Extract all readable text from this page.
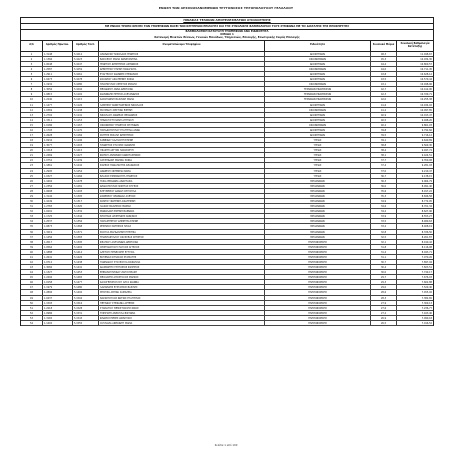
ΕΝΩΣΗ ΤΩΝ ΑΡΧΙΣΩΣΙΑΝΟΜΕΝΩΝ ΤΡΥΓΟΝΟΣΟΣ ΤΗΓΟΠΟΛΟΥΛΟΥ ΓΕΛΑΛΛΟΥ
ΠΙΝΑΚΑΣ ΤΕΛΙΚΩΝ ΑΠΟΤΕΛΕΣΜΑΤΩΝ ΑΞΙΟΛΟΓΗΣΗΣ
ΜΕ ΕΝΙΑΙΟ ΤΡΟΠΟ ΚΡΙΣΗΣ ΤΩΝ ΥΠΟΨΗΦΙΩΝ ΒΑΣΕΙ ΤΩΝ ΚΡΙΤΗΡΙΩΝ ΕΠΙΛΟΓΗΣ ΚΑΙ ΤΗΣ ΣΥΝΟΛΙΚΗΣ ΒΑΘΜΟΛΟΓΙΑΣ ΤΟΥΣ ΣΥΜΦΩΝΑ ΜΕ ΤΙΣ ΔΙΑΤΑΞΕΙΣ ΤΗΣ ΠΡΟΚΗΡΥΞΗΣ
ΒΑΘΜΟΛΟΓΙΚΗ ΚΑΤΑΤΑΞΗ ΥΠΟΨΗΦΙΩΝ ΑΝΑ ΕΙΔΙΚΟΤΗΤΑ
ΟΜΑΔΑ 1
Κατανομή Μεικτών Θέσεων, Γενικών Μονάδων, Υπηρεσιών, Επιλογής, Εσωτερικής Σειράς Επιλογής
Α/Α	Αριθμός Πρωτοκ.	Αριθμός Ταυτ.	Ονοματεπώνυμο Υποψηφίου	Ειδικότητα	Συνολικά Μόρια	Συνολική Βαθμολογία Κατάταξης
1	1.3148	5.1012	ΑΘΑΝΑΣΙΟΥ ΝΙΚΟΛΑΟΣ ΓΕΩΡΓΙΟΣ	ΔΙΟΙΚΗΤΙΚΩΝ	48,3	11.498,67
2	1.1366	5.1023	ΒΑΣΙΛΕΙΟΥ ΜΑΡΙΑ ΚΩΝΣΤΑΝΤΙΝΑ	ΟΙΚΟΝΟΜΙΚΩΝ	45,3	10.934,30
3	1.0048	5.1047	ΓΕΩΡΓΙΟΥ ΔΗΜΗΤΡΙΟΣ ΑΝΤΩΝΙΟΣ	ΔΙΟΙΚΗΤΙΚΩΝ	44,4	10.800,57
4	1.2587	5.1059	ΔΗΜΗΤΡΙΟΥ ΕΛΕΝΗ ΠΑΝΑΓΙΩΤΑ	ΟΙΚΟΝΟΜΙΚΩΝ	44,0	10.711,45
5	1.2911	5.1061	ΕΥΑΓΓΕΛΟΥ ΙΩΑΝΝΗΣ ΣΤΕΦΑΝΟΣ	ΔΙΟΙΚΗΤΙΚΩΝ	43,8	10.628,12
6	1.0473	5.1078	ΖΑΧΑΡΙΟΥ ΑΙΚΑΤΕΡΙΝΗ ΣΟΦΙΑ	ΔΙΟΙΚΗΤΙΚΩΝ	43,5	10.570,44
7	1.1932	5.1080	ΗΛΙΟΠΟΥΛΟΣ ΧΡΗΣΤΟΣ ΜΙΧΑΗΛ	ΟΙΚΟΝΟΜΙΚΩΝ	43,1	10.498,06
8	1.3056	5.1094	ΘΕΟΔΩΡΟΥ ΑΝΝΑ ΔΕΣΠΟΙΝΑ	ΤΕΧΝΙΚΩΝ ΕΦΑΡΜΟΓΩΝ	42,7	10.412,90
9	1.0815	5.1102	ΙΩΑΝΝΙΔΗΣ ΠΕΤΡΟΣ ΑΛΕΞΑΝΔΡΟΣ	ΤΕΧΝΙΚΩΝ ΕΦΑΡΜΟΓΩΝ	42,3	10.339,71
10	1.2240	5.1115	ΚΑΡΑΓΙΑΝΝΗ ΒΑΣΙΛΙΚΗ ΜΑΡΙΑ	ΤΕΧΝΙΚΩΝ ΕΦΑΡΜΟΓΩΝ	42,0	10.255,38
11	1.1477	5.1126	ΛΑΜΠΡΟΥ ΚΩΝΣΤΑΝΤΙΝΟΣ ΝΙΚΟΛΑΟΣ	ΔΙΟΙΚΗΤΙΚΩΝ	41,6	10.184,02
12	1.0369	5.1138	ΜΑΥΡΙΔΟΥ ΧΡΙΣΤΙΝΑ ΕΙΡΗΝΗ	ΟΙΚΟΝΟΜΙΚΩΝ	41,2	10.097,85
13	1.2702	5.1141	ΝΙΚΟΛΑΟΥ ΑΝΔΡΕΑΣ ΘΕΟΔΩΡΟΣ	ΔΙΟΙΚΗΤΙΚΩΝ	40,9	10.013,47
14	1.3311	5.1153	ΞΕΝΑΚΗ ΣΤΥΛΙΑΝΗ ΑΓΓΕΛΙΚΗ	ΔΙΟΙΚΗΤΙΚΩΝ	40,5	9.948,20
15	1.0186	5.1167	ΟΙΚΟΝΟΜΟΥ ΓΕΩΡΓΙΟΣ ΣΠΥΡΙΔΩΝ	ΟΙΚΟΝΟΜΙΚΩΝ	40,2	9.861,03
16	1.1793	5.1170	ΠΑΠΑΔΟΠΟΥΛΟΥ ΕΥΑΓΓΕΛΙΑ ΑΝΝΑ	ΔΙΟΙΚΗΤΙΚΩΝ	39,8	9.792,66
17	1.2628	5.1184	ΡΑΠΤΗΣ ΜΙΧΑΗΛ ΔΗΜΗΤΡΙΟΣ	ΔΙΟΙΚΗΤΙΚΩΝ	39,5	9.716,12
18	1.0934	5.1196	ΣΑΒΒΙΔΟΥ ΚΑΛΛΙΟΠΗ ΕΛΕΝΗ	ΥΓΕΙΑΣ	39,1	9.640,89
19	1.3077	5.1203	ΤΖΑΝΕΤΟΣ ΣΤΑΥΡΟΣ ΙΩΑΝΝΗΣ	ΥΓΕΙΑΣ	38,8	9.569,30
20	1.1518	5.1215	ΥΦΑΝΤΗ ΑΡΓΥΡΩ ΠΑΡΑΣΚΕΥΗ	ΥΓΕΙΑΣ	38,4	9.497,74
21	1.2469	5.1227	ΦΩΤΙΟΥ ΑΝΤΩΝΙΟΣ ΚΩΝΣΤΑΝΤΙΝΟΣ	ΥΓΕΙΑΣ	38,1	9.424,51
22	1.0752	5.1239	ΧΑΤΖΗΔΑΚΗ ΜΑΡΙΝΑ ΣΟΦΙΑ	ΥΓΕΙΑΣ	37,7	9.350,08
23	1.1861	5.1242	ΨΑΡΡΟΣ ΠΑΝΑΓΙΩΤΗΣ ΑΘΑΝΑΣΙΟΣ	ΥΓΕΙΑΣ	37,4	9.281,93
24	1.2995	5.1254	ΑΝΔΡΕΟΥ ΙΦΙΓΕΝΕΙΑ ΜΑΡΙΑ	ΥΓΕΙΑΣ	37,0	9.210,47
25	1.0327	5.1266	ΒΛΑΧΟΣ ΕΜΜΑΝΟΥΗΛ ΓΕΩΡΓΙΟΣ	ΥΓΕΙΑΣ	36,7	9.138,15
26	1.1604	5.1278	ΓΚΙΚΑ ΘΕΟΔΩΡΑ ΑΝΑΣΤΑΣΙΑ	ΜΗΧΑΝΙΚΩΝ	36,3	9.064,79
27	1.2356	5.1281	ΔΡΑΚΟΠΟΥΛΟΣ ΝΙΚΗΤΑΣ ΣΠΥΡΟΣ	ΜΗΧΑΝΙΚΩΝ	36,0	8.991,40
28	1.0608	5.1293	ΕΛΕΥΘΕΡΙΟΥ ΔΑΝΑΗ ΧΡΥΣΟΥΛΑ	ΜΗΧΑΝΙΚΩΝ	35,6	8.917,22
29	1.3142	5.1305	ΖΑΦΕΙΡΙΟΥ ΛΕΩΝΙΔΑΣ ΑΛΕΞΙΟΣ	ΜΗΧΑΝΙΚΩΝ	35,3	8.846,58
30	1.1049	5.1317	ΚΟΝΤΟΥ ΦΩΤΕΙΝΗ ΑΙΚΑΤΕΡΙΝΗ	ΜΗΧΑΝΙΚΩΝ	34,9	8.772,05
31	1.2783	5.1320	ΛΙΑΚΟΣ ΒΑΣΙΛΕΙΟΣ ΘΩΜΑΣ	ΜΗΧΑΝΙΚΩΝ	34,6	8.701,34
32	1.0291	5.1332	ΜΑΝΩΛΑΚΗ ΕΙΡΗΝΗ ΒΑΡΒΑΡΑ	ΜΗΧΑΝΙΚΩΝ	34,2	8.627,96
33	1.1725	5.1344	ΝΤΟΥΜΑΣ ΑΡΙΣΤΕΙΔΗΣ ΚΩΝ/ΝΟΣ	ΜΗΧΑΝΙΚΩΝ	33,9	8.553,27
34	1.2537	5.1356	ΠΑΠΑΣΤΕΡΓΙΟΥ ΔΗΜΗΤΡΑ ΕΛΕΝΗ	ΜΗΧΑΝΙΚΩΝ	33,5	8.480,63
35	1.0873	5.1368	ΡΕΝΤΖΟΣ ΣΩΤΗΡΙΟΣ ΗΛΙΑΣ	ΜΗΧΑΝΙΚΩΝ	33,2	8.408,19
36	1.3219	5.1371	ΣΚΟΥΛΑ ΜΑΓΔΑΛΗΝΗ ΕΥΘΥΜΙΑ	ΜΗΧΑΝΙΚΩΝ	32,8	8.336,50
37	1.1456	5.1383	ΤΡΙΑΝΤΑΦΥΛΛΟΥ ΟΔΥΣΣΕΑΣ ΧΡΗΣΤΟΣ	ΜΗΧΑΝΙΚΩΝ	32,5	8.261,87
38	1.2017	5.1395	ΦΡΑΓΚΟΥ ΑΛΕΞΑΝΔΡΑ ΔΕΣΠΟΙΝΑ	ΠΛΗΡΟΦΟΡΙΚΗΣ	32,1	8.190,42
39	1.0564	5.1402	ΧΡΙΣΤΟΔΟΥΛΟΥ ΠΑΥΛΟΣ ΑΓΓΕΛΟΣ	ΠΛΗΡΟΦΟΡΙΚΗΣ	31,8	8.116,08
40	1.1888	5.1414	ΑΛΕΞΙΟΥ ΠΗΝΕΛΟΠΗ ΕΥΤΥΧΙΑ	ΠΛΗΡΟΦΟΡΙΚΗΣ	31,4	8.043,71
41	1.2641	5.1426	ΒΟΥΡΝΑΣ ΚΥΡΙΑΚΟΣ ΣΤΑΜΑΤΗΣ	ΠΛΗΡΟΦΟΡΙΚΗΣ	31,1	7.970,26
42	1.0712	5.1438	ΓΙΑΝΝΑΚΟΥ ΣΤΑΥΡΟΥΛΑ ΡΑΦΑΗΛΙΑ	ΠΛΗΡΟΦΟΡΙΚΗΣ	30,7	7.897,94
43	1.3084	5.1441	ΔΙΑΜΑΝΤΗΣ ΓΡΗΓΟΡΙΟΣ ΦΙΛΙΠΠΟΣ	ΠΛΗΡΟΦΟΡΙΚΗΣ	30,4	7.823,51
44	1.1327	5.1453	ΕΜΜΑΝΟΥΗΛΙΔΟΥ ΖΩΗ ΚΥΡΙΑΚΗ	ΠΛΗΡΟΦΟΡΙΚΗΣ	30,0	7.749,17
45	1.2494	5.1465	ΘΕΟΧΑΡΗΣ ΑΠΟΣΤΟΛΟΣ ΜΑΡΚΟΣ	ΠΛΗΡΟΦΟΡΙΚΗΣ	29,7	7.676,03
46	1.0158	5.1477	ΚΑΛΟΓΕΡΟΠΟΥΛΟΥ ΟΛΓΑ ΙΩΑΝΝΑ	ΠΛΗΡΟΦΟΡΙΚΗΣ	29,3	7.602,88
47	1.1979	5.1480	ΛΑΖΑΡΙΔΗΣ ΕΥΣΤΑΘΙΟΣ ΒΑΣΙΛΗΣ	ΠΛΗΡΟΦΟΡΙΚΗΣ	29,0	7.529,40
48	1.2806	5.1492	ΜΠΟΥΡΑ ΑΘΗΝΑ ΧΑΡΙΚΛΕΙΑ	ΠΛΗΡΟΦΟΡΙΚΗΣ	28,6	7.455,92
49	1.0437	5.1504	ΝΑΣΙΟΠΟΥΛΟΣ ΦΩΤΙΟΣ ΕΥΑΓΓΕΛΟΣ	ΠΛΗΡΟΦΟΡΙΚΗΣ	28,3	7.382,65
50	1.1593	5.1516	ΠΕΤΡΙΔΟΥ ΣΤΕΦΑΝΙΑ ΑΡΤΕΜΙΣ	ΠΛΗΡΟΦΟΡΙΚΗΣ	27,9	7.309,13
51	1.2218	5.1528	ΣΤΑΜΑΤΙΟΥ ΘΕΜΙΣΤΟΚΛΗΣ ΝΙΚΟΣ	ΠΛΗΡΟΦΟΡΙΚΗΣ	27,6	7.236,77
52	1.0986	5.1531	ΤΣΙΡΙΓΩΤΗ ΑΝΘΟΥΛΑ ΒΙΚΤΩΡΙΑ	ΠΛΗΡΟΦΟΡΙΚΗΣ	27,2	7.163,40
53	1.3165	5.1543	ΦΛΩΡΟΣ ΕΡΜΗΣ ΔΙΟΝΥΣΙΟΣ	ΠΛΗΡΟΦΟΡΙΚΗΣ	26,9	7.090,18
54	1.1402	5.1555	ΧΟΥΛΙΑΡΑ ΑΦΡΟΔΙΤΗ ΜΑΡΙΑ	ΠΛΗΡΟΦΟΡΙΚΗΣ	26,5	7.016,52
Σελίδα 1 από 100
